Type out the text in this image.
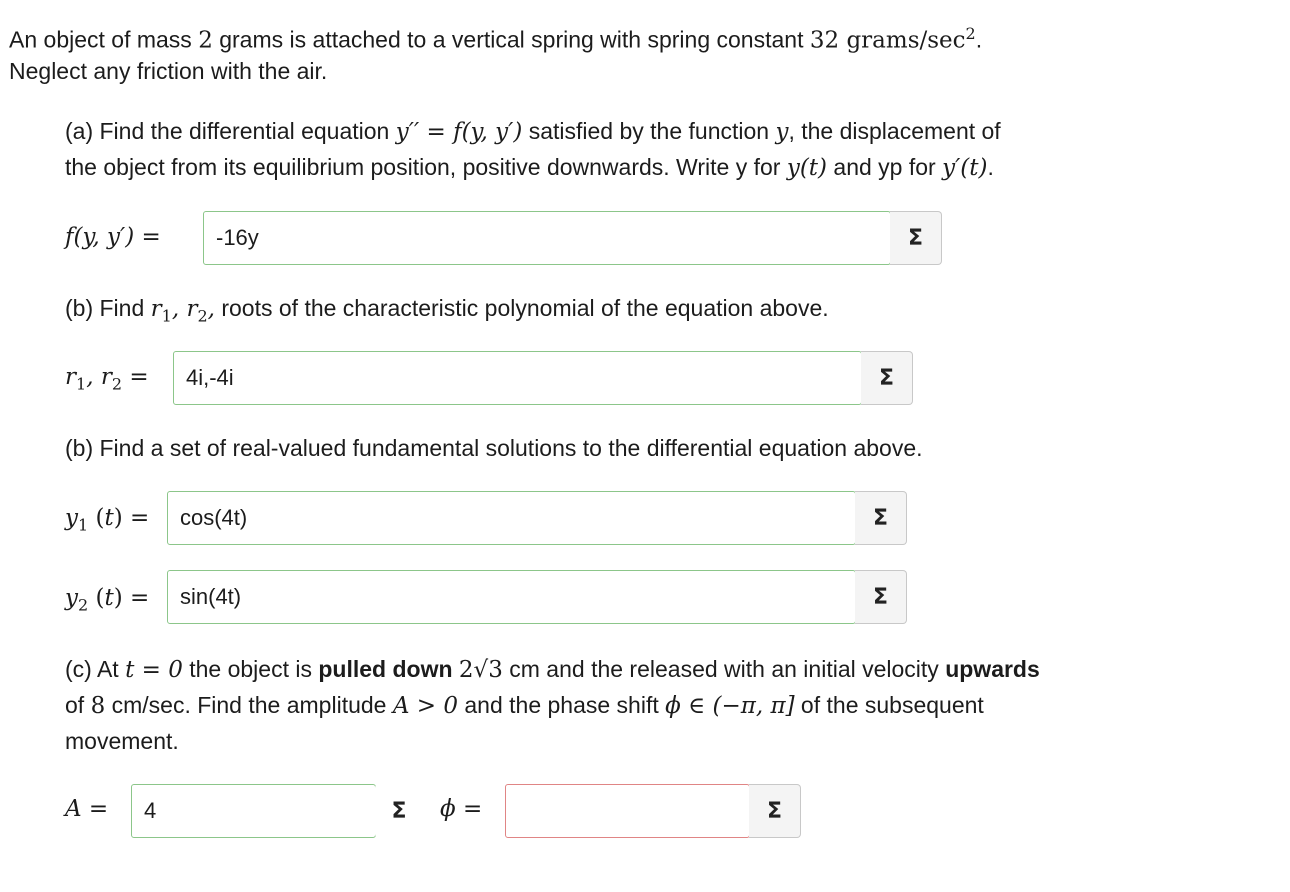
An object of mass 2 grams is attached to a vertical spring with spring constant 32 grams/$\sec^2$.
Neglect any friction with the air.
(a) Find the differential equation y′′ = f(y, y′) satisfied by the function y, the displacement of
the object from its equilibrium position, positive downwards. Write y for y(t) and yp for y′(t).
f(y, y′) =
-16y	Σ
(b) Find $r_1$, $r_2$, roots of the characteristic polynomial of the equation above.
$r_1$, $r_2$ =
4i,-4i	Σ
(b) Find a set of real-valued fundamental solutions to the differential equation above.
$y_1$ (t) =
cos(4t)	Σ
$y_2$ (t) =
sin(4t)	Σ
(c) At t = 0 the object is pulled down 2√3 cm and the released with an initial velocity upwards
of 8 cm/sec. Find the amplitude A > 0 and the phase shift ϕ ∈ (−π, π] of the subsequent
movement.
A =
4	Σ ϕ =	Σ
